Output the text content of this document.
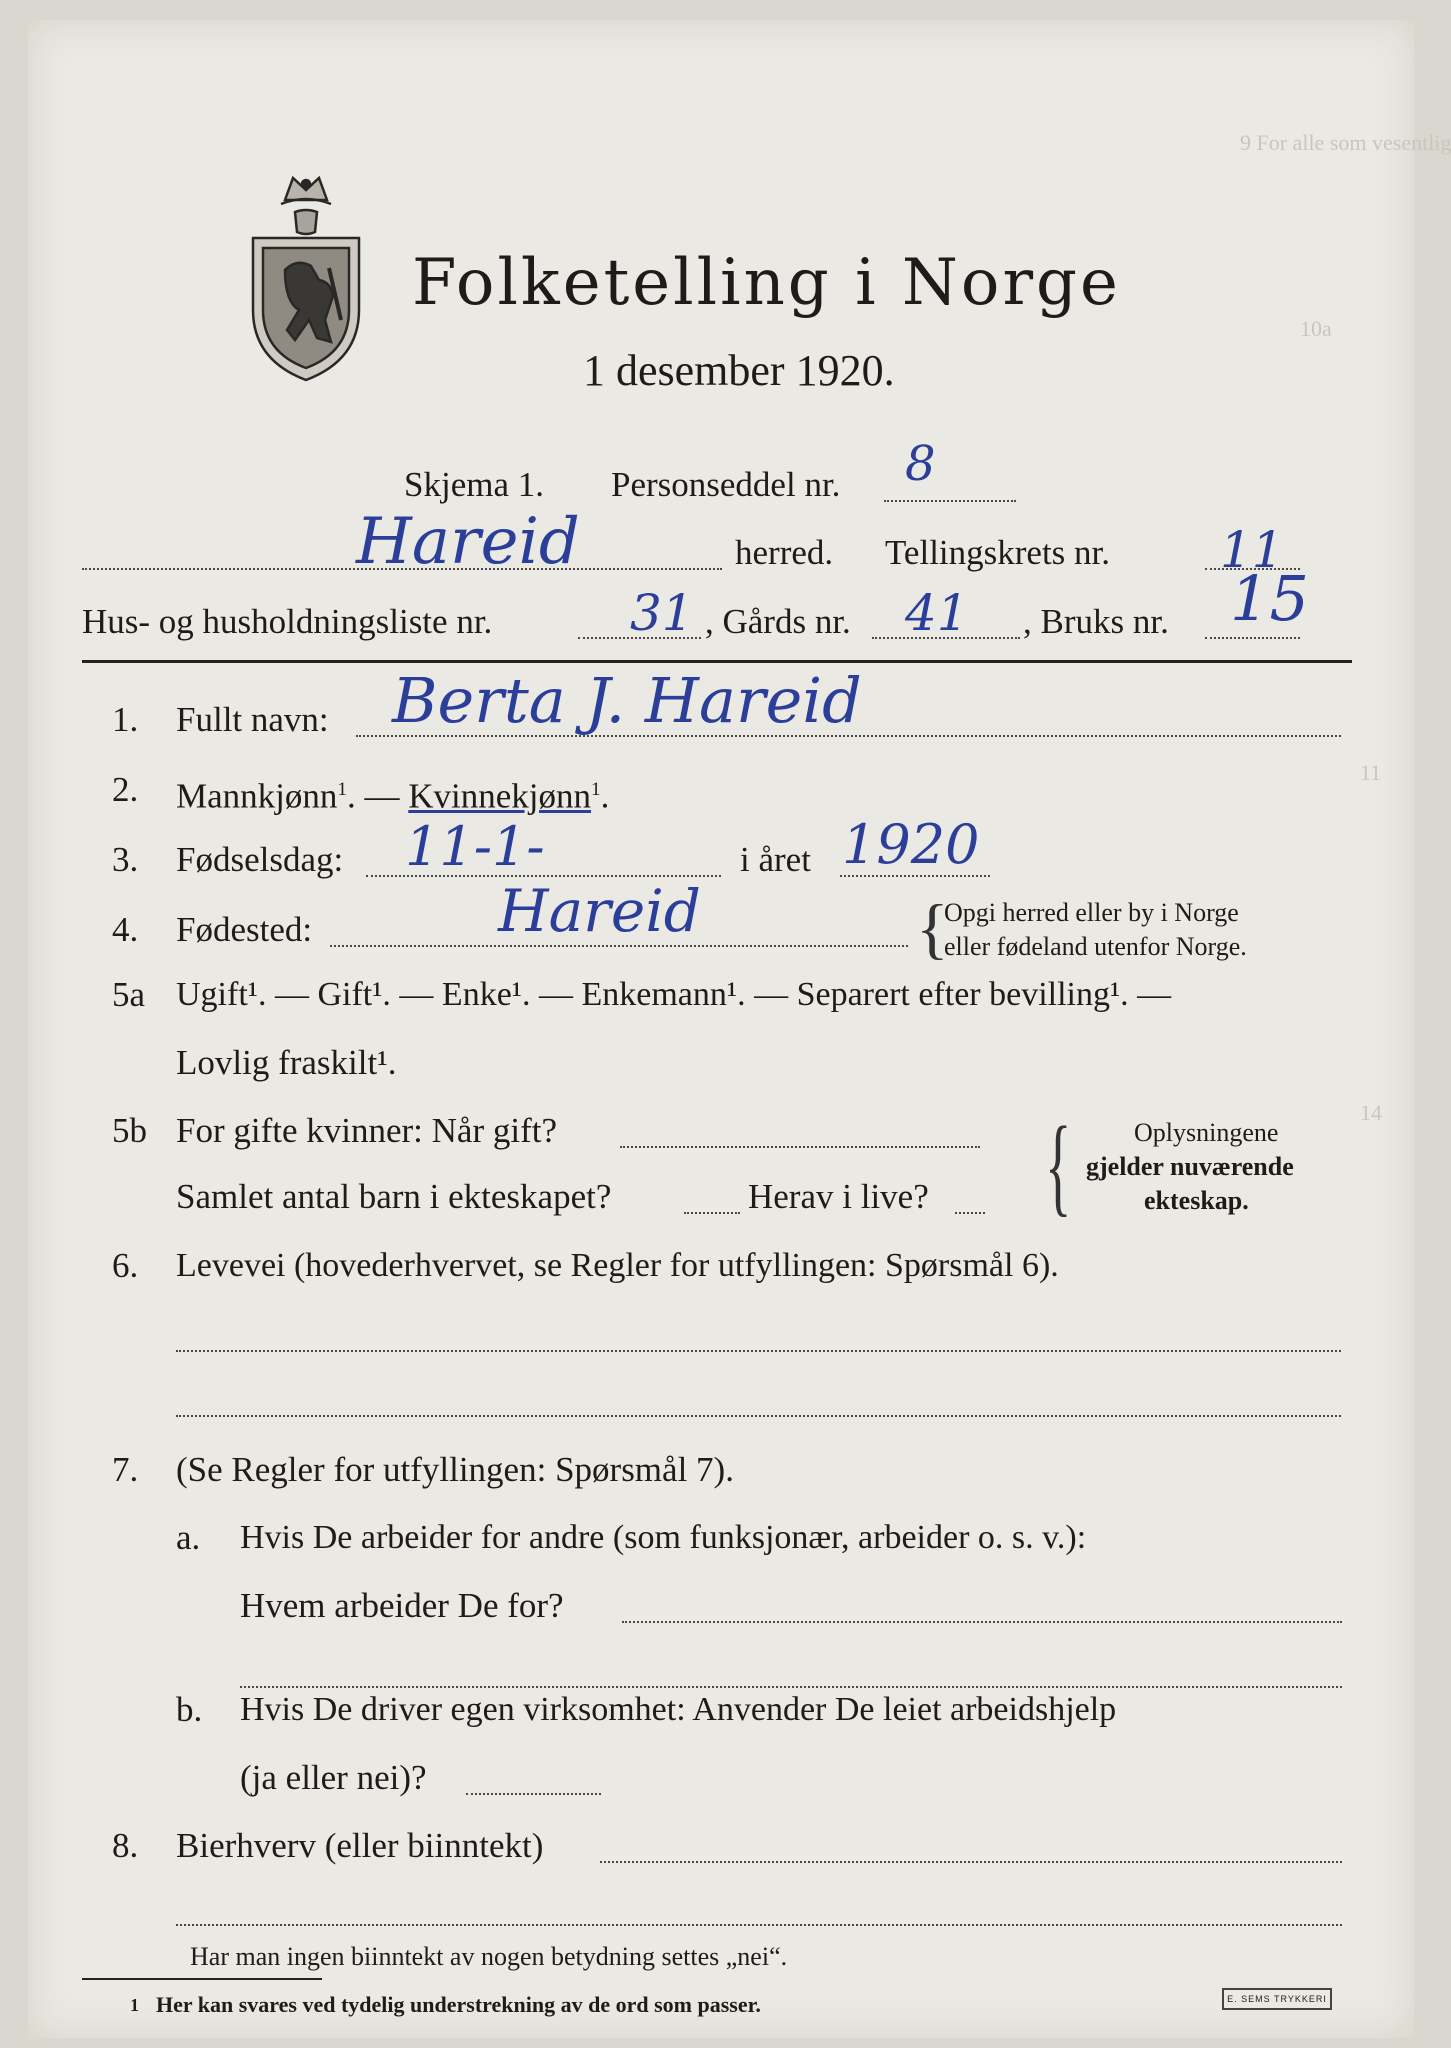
9 For alle som vesentlig
10a
11
14
Folketelling i Norge
1 desember 1920.
Skjema 1. Personseddel nr. 8
Hareid	herred. Tellingskrets nr. 11
Hus- og husholdningsliste nr.	31 , Gårds nr. 41 , Bruks nr. 15
1. Fullt navn: Berta J. Hareid
2. Mannkjønn$^1$. — Kvinnekjønn$^1$.
3. Fødselsdag: 11-1-	i året 1920
4. Fødested:	Hareid	{
Opgi herred eller by i Norge
eller fødeland utenfor Norge.
5a Ugift¹. — Gift¹. — Enke¹. — Enkemann¹. — Separert efter bevilling¹. —
Lovlig fraskilt¹.
5b For gifte kvinner: Når gift?
Samlet antal barn i ekteskapet?	Herav i live? { Oplysningene
gjelder nuværende
ekteskap.
6. Levevei (hovederhvervet, se Regler for utfyllingen: Spørsmål 6).
7. (Se Regler for utfyllingen: Spørsmål 7).
a. Hvis De arbeider for andre (som funksjonær, arbeider o. s. v.):
Hvem arbeider De for?
b. Hvis De driver egen virksomhet: Anvender De leiet arbeidshjelp
(ja eller nei)?
8. Bierhverv (eller biinntekt)
Har man ingen biinntekt av nogen betydning settes „nei“.
1 Her kan svares ved tydelig understrekning av de ord som passer.	E. SEMS TRYKKERI
